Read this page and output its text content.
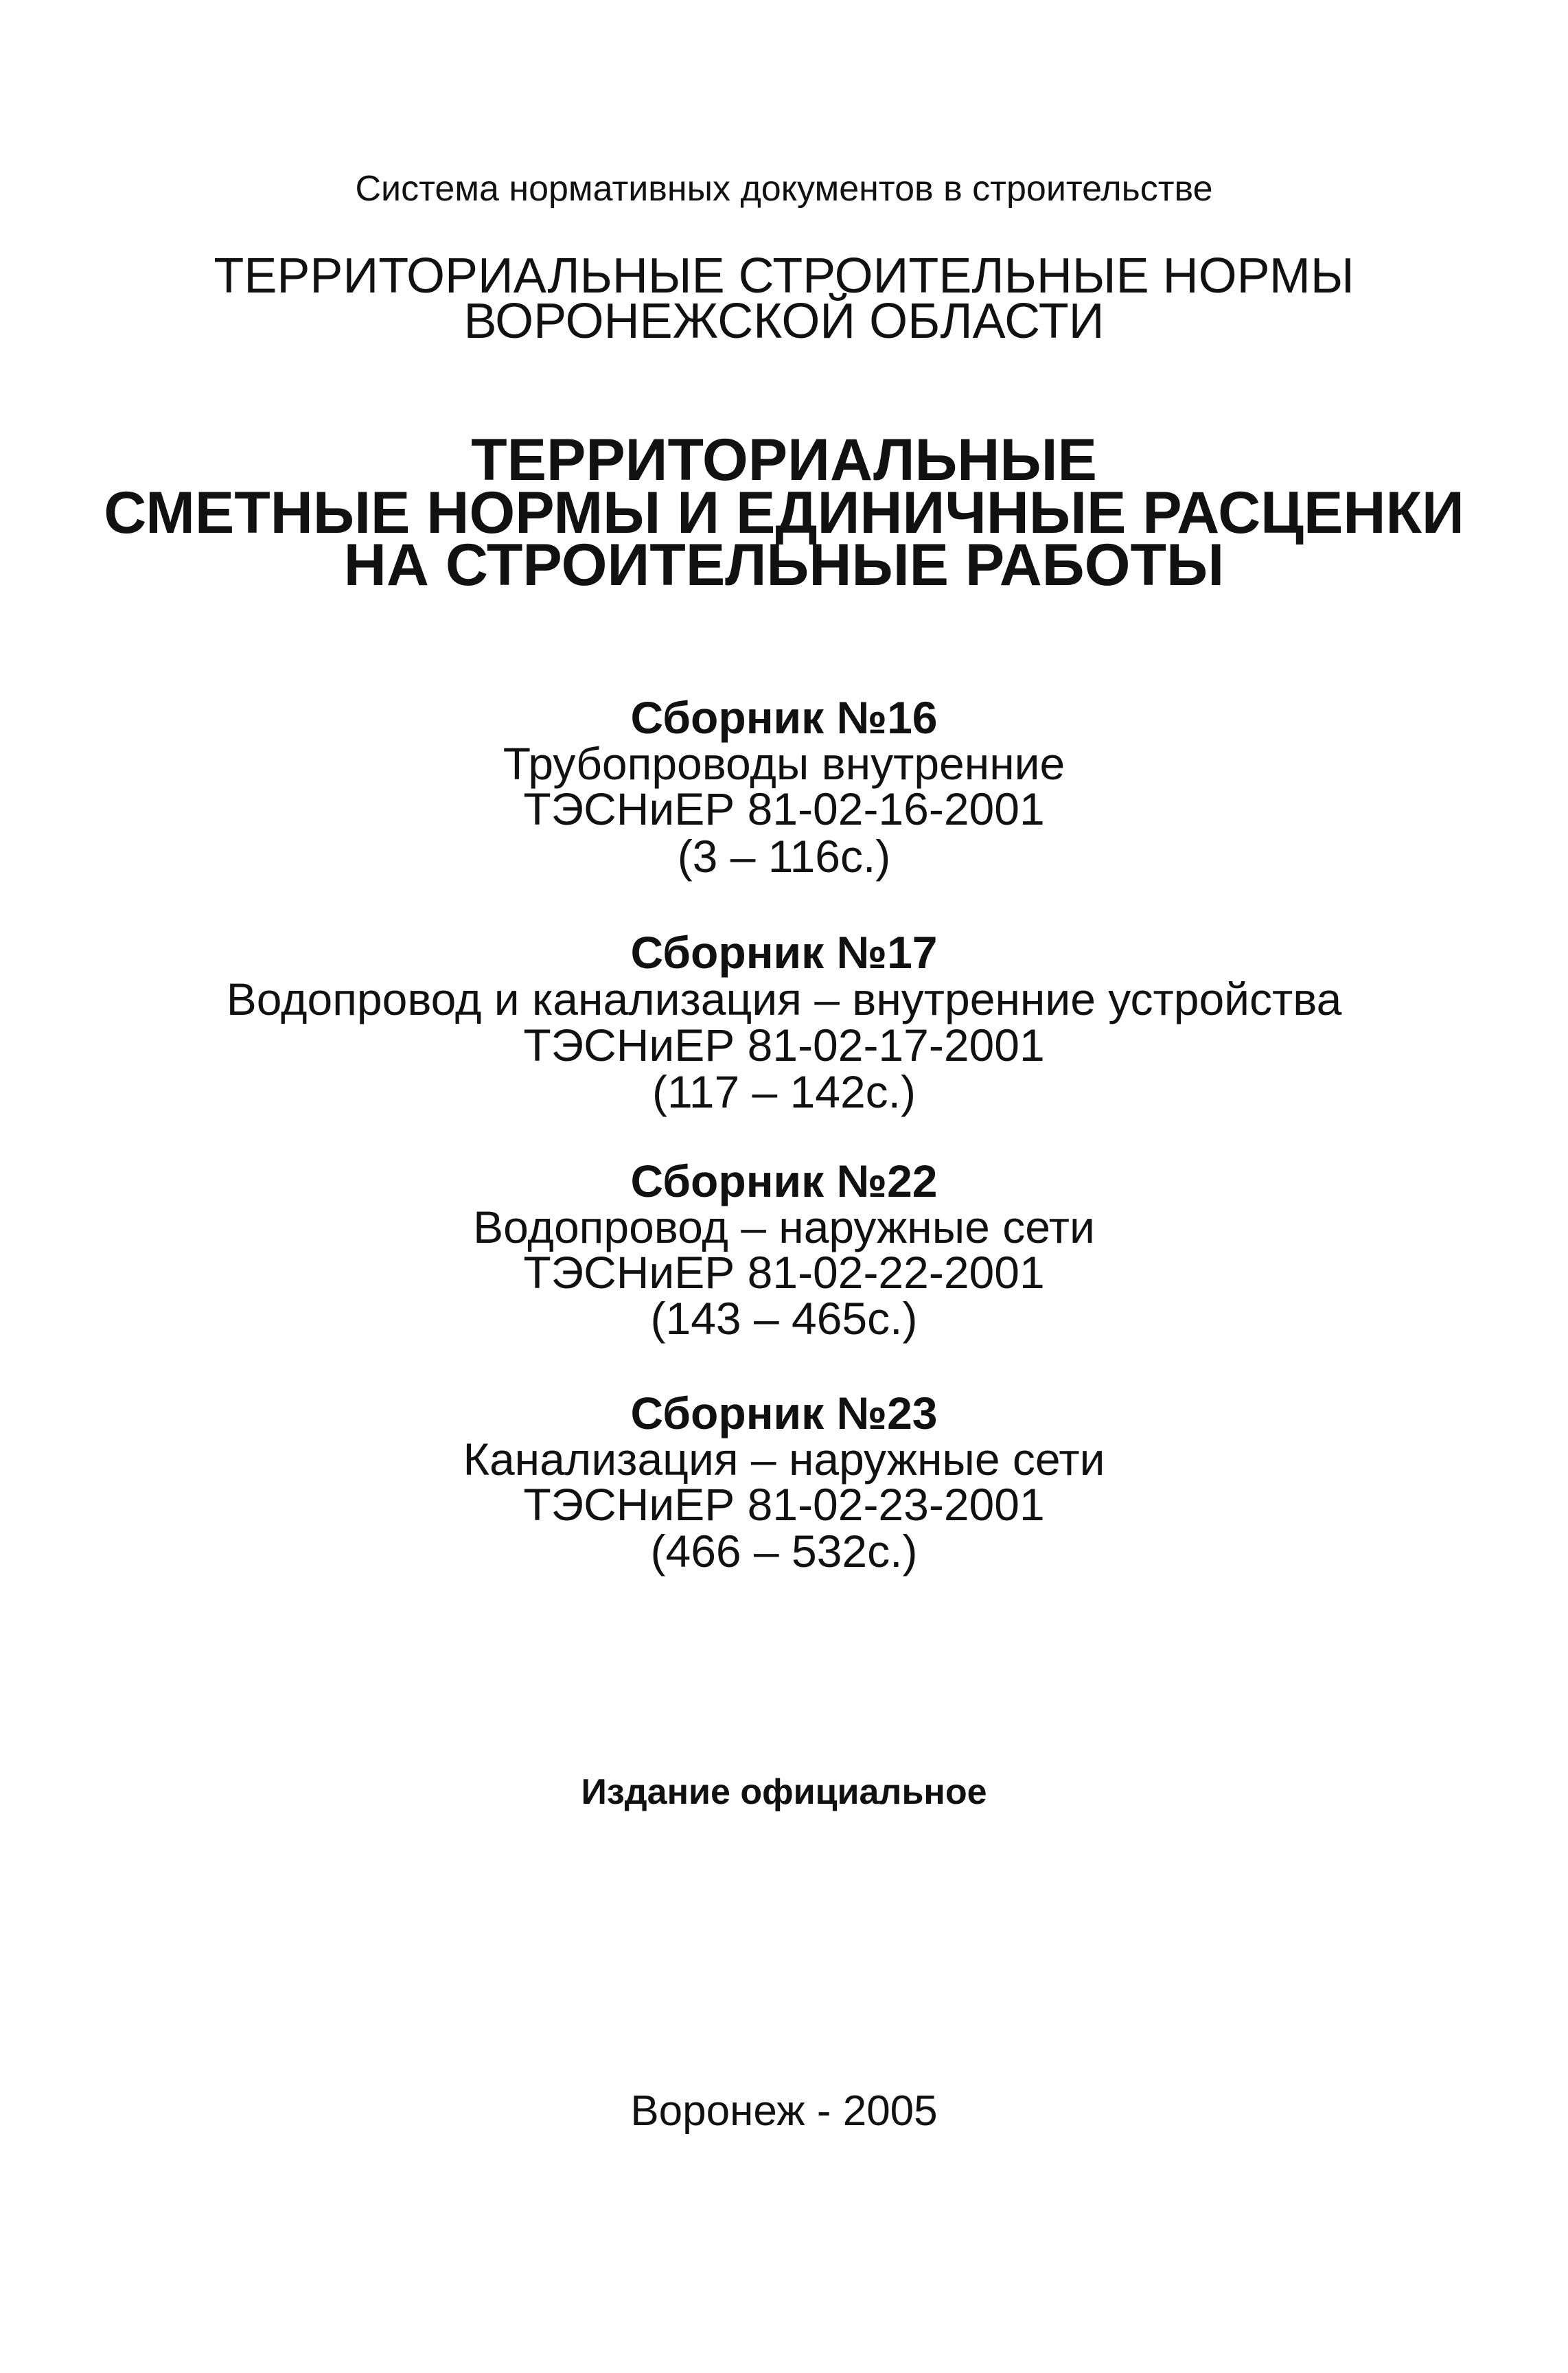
Система нормативных документов в строительстве

ТЕРРИТОРИАЛЬНЫЕ СТРОИТЕЛЬНЫЕ НОРМЫ

ВОРОНЕЖСКОЙ ОБЛАСТИ

ТЕРРИТОРИАЛЬНЫЕ
СМЕТНЫЕ НОРМЫ И ЕДИНИЧНЫЕ РАСЦЕНКИ
НА СТРОИТЕЛЬНЫЕ РАБОТЫ

Сборник №16

Трубопроводы внутренние

ТЭСНиЕР 81-02-16-2001

(3 – 116с.)

Сборник №17

Водопровод и канализация – внутренние устройства

ТЭСНиЕР 81-02-17-2001

(117 – 142с.)

Сборник №22

Водопровод – наружные сети

ТЭСНиЕР 81-02-22-2001

(143 – 465с.)

Сборник №23

Канализация – наружные сети

ТЭСНиЕР 81-02-23-2001

(466 – 532с.)

Издание официальное

Воронеж - 2005
